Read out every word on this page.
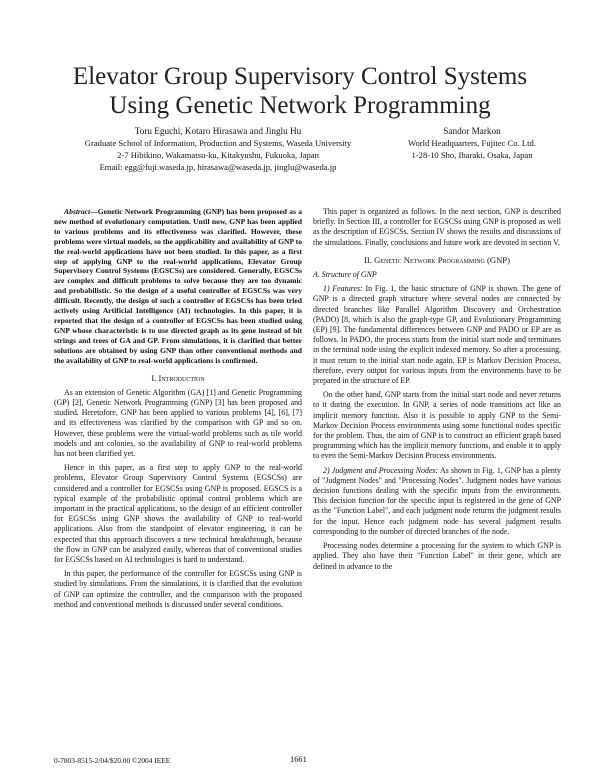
Elevator Group Supervisory Control Systems
Using Genetic Network Programming
Toru Eguchi, Kotaro Hirasawa and Jinglu Hu
Graduate School of Information, Production and Systems, Waseda University
2-7 Hibikino, Wakamatsu-ku, Kitakyushu, Fukuoka, Japan
Email: egg@fuji.waseda.jp, hirasawa@waseda.jp, jinglu@waseda.jp
Sandor Markon
World Headquarters, Fujitec Co. Ltd.
1-28-10 Sho, Ibaraki, Osaka, Japan

Abstract—Genetic Network Programming (GNP) has been proposed as a new method of evolutionary computation. Until now, GNP has been applied to various problems and its effectiveness was clarified. However, these problems were virtual models, so the applicability and availability of GNP to the real-world applications have not been studied. In this paper, as a first step of applying GNP to the real-world applications, Elevator Group Supervisory Control Systems (EGSCSs) are considered. Generally, EGSCSs are complex and difficult problems to solve because they are too dynamic and probabilistic. So the design of a useful controller of EGSCSs was very difficult. Recently, the design of such a controller of EGSCSs has been tried actively using Artificial Intelligence (AI) technologies. In this paper, it is reported that the design of a controller of EGSCSs has been studied using GNP whose characteristic is to use directed graph as its gene instead of bit strings and trees of GA and GP. From simulations, it is clarified that better solutions are obtained by using GNP than other conventional methods and the availability of GNP to real-world applications is confirmed.

I. Introduction

As an extension of Genetic Algorithm (GA) [1] and Genetic Programming (GP) [2], Genetic Network Programming (GNP) [3] has been proposed and studied. Heretofore, GNP has been applied to various problems [4], [6], [7] and its effectiveness was clarified by the comparison with GP and so on. However, these problems were the virtual-world problems such as tile world models and ant colonies, so the availability of GNP to real-world problems has not been clarified yet.

Hence in this paper, as a first step to apply GNP to the real-world problems, Elevator Group Supervisory Control Systems (EGSCSs) are considered and a controller for EGSCSs using GNP is proposed. EGSCS is a typical example of the probabilistic optimal control problems which are important in the practical applications, so the design of an efficient controller for EGSCSs using GNP shows the availability of GNP to real-world applications. Also from the standpoint of elevator engineering, it can be expected that this approach discovers a new technical breakthrough, because the flow in GNP can be analyzed easily, whereas that of conventional studies for EGSCSs based on AI technologies is hard to understand.

In this paper, the performance of the controller for EGSCSs using GNP is studied by simulations. From the simulations, it is clarified that the evolution of GNP can optimize the controller, and the comparison with the proposed method and conventional methods is discussed under several conditions.

This paper is organized as follows. In the next section, GNP is described briefly. In Section III, a controller for EGSCSs using GNP is proposed as well as the description of EGSCSs. Section IV shows the results and discussions of the simulations. Finally, conclusions and future work are devoted in section V.

II. Genetic Network Programming (GNP)
A. Structure of GNP

1) Features: In Fig. 1, the basic structure of GNP is shown. The gene of GNP is a directed graph structure where several nodes are connected by directed branches like Parallel Algorithm Discovery and Orchestration (PADO) [8, which is also the graph-type GP, and Evolutionary Programming (EP) [9]. The fundamental differences between GNP and PADO or EP are as follows. In PADO, the process starts from the initial start node and terminates in the terminal node using the explicit indexed memory. So after a processing, it must return to the initial start node again. EP is Markov Decision Process, therefore, every output for various inputs from the environments have to be prepared in the structure of EP.

On the other hand, GNP starts from the initial start node and never returns to it during the execution. In GNP, a series of node transitions act like an implicit memory function. Also it is possible to apply GNP to the Semi-Markov Decision Process environments using some functional nodes specific for the problem. Thus, the aim of GNP is to construct an efficient graph based programming which has the implicit memory functions, and enable it to apply to even the Semi-Markov Decision Process environments.

2) Judgment and Processing Nodes: As shown in Fig. 1, GNP has a plenty of "Judgment Nodes" and "Processing Nodes". Judgment nodes have various decision functions dealing with the specific inputs from the environments. This decision function for the specific input is registered in the gene of GNP as the "Function Label", and each judgment node returns the judgment results for the input. Hence each judgment node has several judgment results corresponding to the number of directed branches of the node.

Processing nodes determine a processing for the system to which GNP is applied. They also have their "Function Label" in their gene, which are defined in advance to the

0-7803-8515-2/04/$20.00 ©2004 IEEE	1661
